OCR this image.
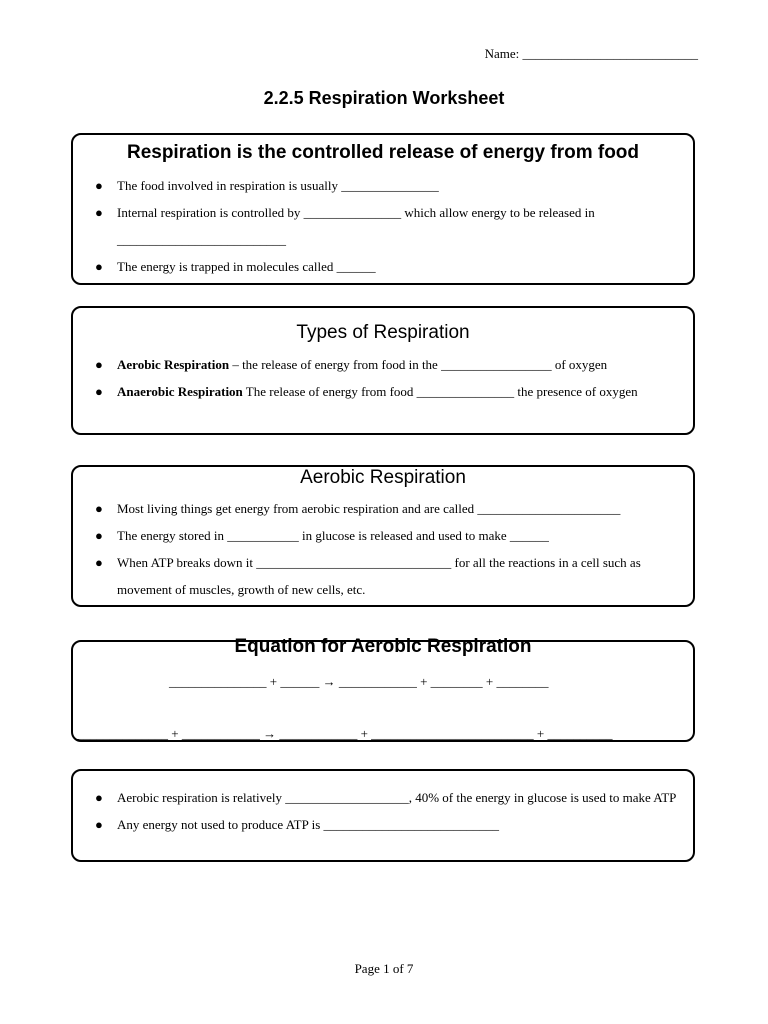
Name: ___________________________
2.2.5 Respiration Worksheet
Respiration is the controlled release of energy from food
● The food involved in respiration is usually _______________
● Internal respiration is controlled by _______________ which allow energy to be released in __________________________
● The energy is trapped in molecules called ______
Types of Respiration
● Aerobic Respiration – the release of energy from food in the _________________ of oxygen
● Anaerobic Respiration The release of energy from food _______________ the presence of oxygen
Aerobic Respiration
● Most living things get energy from aerobic respiration and are called ______________________
● The energy stored in ___________ in glucose is released and used to make ______
● When ATP breaks down it ______________________________ for all the reactions in a cell such as movement of muscles, growth of new cells, etc.
Equation for Aerobic Respiration
_______________ + ______ → ____________ + ________ + ________
______________ + ____________ → ____________ + _________________________ + __________
● Aerobic respiration is relatively ___________________, 40% of the energy in glucose is used to make ATP
● Any energy not used to produce ATP is ___________________________
Page 1 of 7
